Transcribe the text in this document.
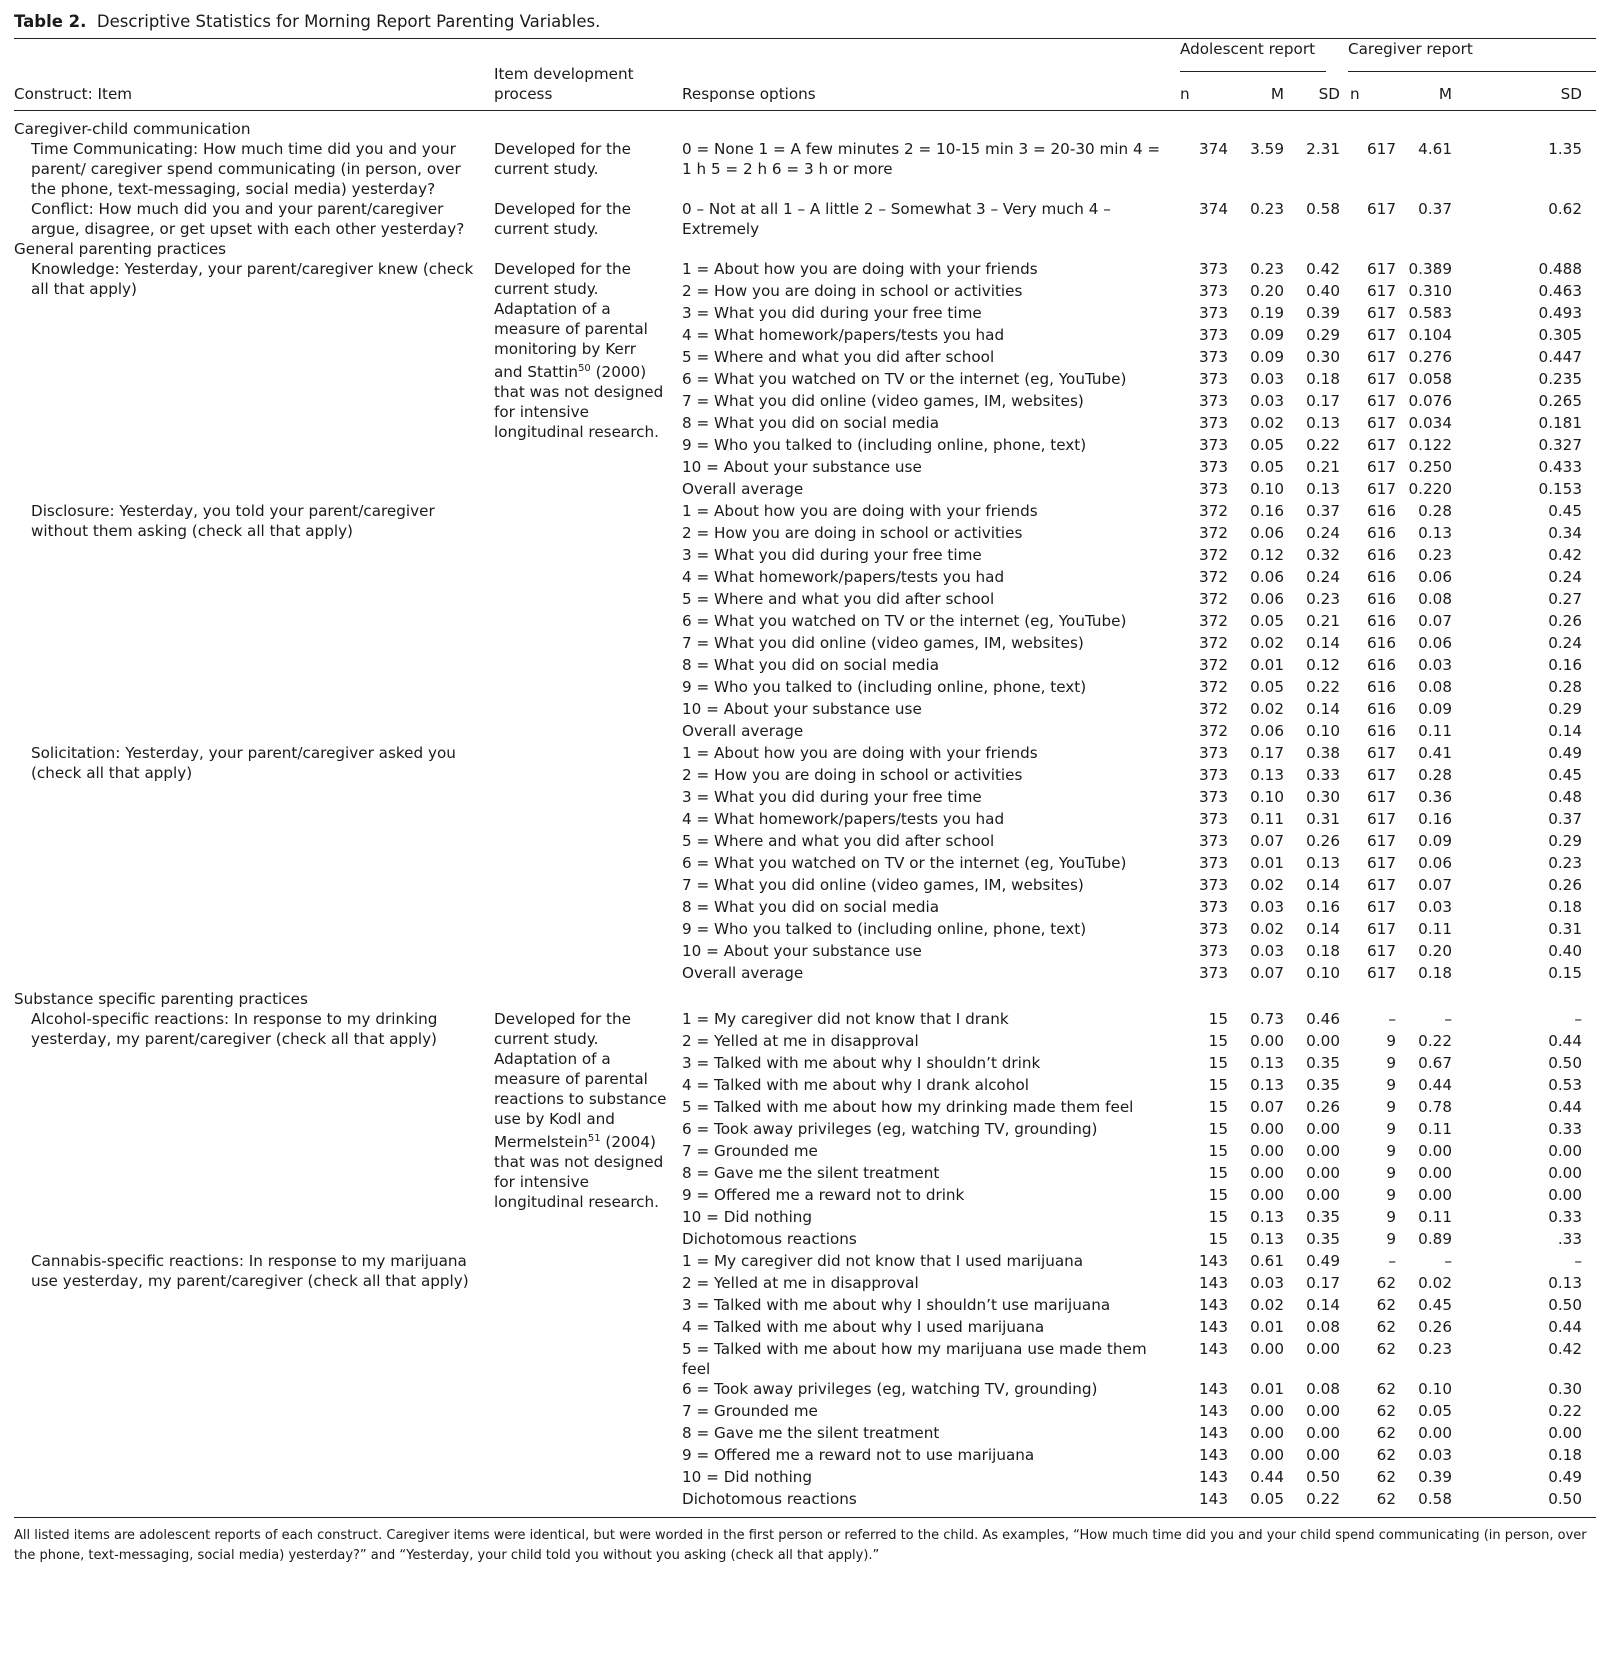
Table 2. Descriptive Statistics for Morning Report Parenting Variables.
Construct: Item	Item development process	Response options	Adolescent report			Caregiver report			

			n	M	SD	n	M		SD
Caregiver-child communication									
Time Communicating: How much time did you and your parent/ caregiver spend communicating (in person, over the phone, text-messaging, social media) yesterday?	Developed for the current study.	0 = None 1 = A few minutes 2 = 10-15 min 3 = 20-30 min 4 = 1 h 5 = 2 h 6 = 3 h or more	374	3.59	2.31	617	4.61	1.35	
Conflict: How much did you and your parent/caregiver argue, disagree, or get upset with each other yesterday?	Developed for the current study.	0 – Not at all 1 – A little 2 – Somewhat 3 – Very much 4 – Extremely	374	0.23	0.58	617	0.37	0.62	
General parenting practices									
Knowledge: Yesterday, your parent/caregiver knew (check all that apply)	Developed for the current study. Adaptation of a measure of parental monitoring by Kerr and Stattin$^{50}$ (2000) that was not designed for intensive longitudinal research.	1 = About how you are doing with your friends	373	0.23	0.42	617	0.389	0.488	
		2 = How you are doing in school or activities	373	0.20	0.40	617	0.310	0.463	
		3 = What you did during your free time	373	0.19	0.39	617	0.583	0.493	
		4 = What homework/papers/tests you had	373	0.09	0.29	617	0.104	0.305	
		5 = Where and what you did after school	373	0.09	0.30	617	0.276	0.447	
		6 = What you watched on TV or the internet (eg, YouTube)	373	0.03	0.18	617	0.058	0.235	
		7 = What you did online (video games, IM, websites)	373	0.03	0.17	617	0.076	0.265	
		8 = What you did on social media	373	0.02	0.13	617	0.034	0.181	
		9 = Who you talked to (including online, phone, text)	373	0.05	0.22	617	0.122	0.327	
		10 = About your substance use	373	0.05	0.21	617	0.250	0.433	
		Overall average	373	0.10	0.13	617	0.220	0.153	
Disclosure: Yesterday, you told your parent/caregiver without them asking (check all that apply)		1 = About how you are doing with your friends	372	0.16	0.37	616	0.28	0.45	
		2 = How you are doing in school or activities	372	0.06	0.24	616	0.13	0.34	
		3 = What you did during your free time	372	0.12	0.32	616	0.23	0.42	
		4 = What homework/papers/tests you had	372	0.06	0.24	616	0.06	0.24	
		5 = Where and what you did after school	372	0.06	0.23	616	0.08	0.27	
		6 = What you watched on TV or the internet (eg, YouTube)	372	0.05	0.21	616	0.07	0.26	
		7 = What you did online (video games, IM, websites)	372	0.02	0.14	616	0.06	0.24	
		8 = What you did on social media	372	0.01	0.12	616	0.03	0.16	
		9 = Who you talked to (including online, phone, text)	372	0.05	0.22	616	0.08	0.28	
		10 = About your substance use	372	0.02	0.14	616	0.09	0.29	
		Overall average	372	0.06	0.10	616	0.11	0.14	
Solicitation: Yesterday, your parent/caregiver asked you (check all that apply)		1 = About how you are doing with your friends	373	0.17	0.38	617	0.41	0.49	
		2 = How you are doing in school or activities	373	0.13	0.33	617	0.28	0.45	
		3 = What you did during your free time	373	0.10	0.30	617	0.36	0.48	
		4 = What homework/papers/tests you had	373	0.11	0.31	617	0.16	0.37	
		5 = Where and what you did after school	373	0.07	0.26	617	0.09	0.29	
		6 = What you watched on TV or the internet (eg, YouTube)	373	0.01	0.13	617	0.06	0.23	
		7 = What you did online (video games, IM, websites)	373	0.02	0.14	617	0.07	0.26	
		8 = What you did on social media	373	0.03	0.16	617	0.03	0.18	
		9 = Who you talked to (including online, phone, text)	373	0.02	0.14	617	0.11	0.31	
		10 = About your substance use	373	0.03	0.18	617	0.20	0.40	
		Overall average	373	0.07	0.10	617	0.18	0.15	
Substance specific parenting practices									
Alcohol-specific reactions: In response to my drinking yesterday, my parent/caregiver (check all that apply)	Developed for the current study. Adaptation of a measure of parental reactions to substance use by Kodl and Mermelstein$^{51}$ (2004) that was not designed for intensive longitudinal research.	1 = My caregiver did not know that I drank	15	0.73	0.46	–	–	–	
		2 = Yelled at me in disapproval	15	0.00	0.00	9	0.22	0.44	
		3 = Talked with me about why I shouldn’t drink	15	0.13	0.35	9	0.67	0.50	
		4 = Talked with me about why I drank alcohol	15	0.13	0.35	9	0.44	0.53	
		5 = Talked with me about how my drinking made them feel	15	0.07	0.26	9	0.78	0.44	
		6 = Took away privileges (eg, watching TV, grounding)	15	0.00	0.00	9	0.11	0.33	
		7 = Grounded me	15	0.00	0.00	9	0.00	0.00	
		8 = Gave me the silent treatment	15	0.00	0.00	9	0.00	0.00	
		9 = Offered me a reward not to drink	15	0.00	0.00	9	0.00	0.00	
		10 = Did nothing	15	0.13	0.35	9	0.11	0.33	
		Dichotomous reactions	15	0.13	0.35	9	0.89	.33	
Cannabis-specific reactions: In response to my marijuana use yesterday, my parent/caregiver (check all that apply)		1 = My caregiver did not know that I used marijuana	143	0.61	0.49	–	–	–	
		2 = Yelled at me in disapproval	143	0.03	0.17	62	0.02	0.13	
		3 = Talked with me about why I shouldn’t use marijuana	143	0.02	0.14	62	0.45	0.50	
		4 = Talked with me about why I used marijuana	143	0.01	0.08	62	0.26	0.44	
		5 = Talked with me about how my marijuana use made them feel	143	0.00	0.00	62	0.23	0.42	
		6 = Took away privileges (eg, watching TV, grounding)	143	0.01	0.08	62	0.10	0.30	
		7 = Grounded me	143	0.00	0.00	62	0.05	0.22	
		8 = Gave me the silent treatment	143	0.00	0.00	62	0.00	0.00	
		9 = Offered me a reward not to use marijuana	143	0.00	0.00	62	0.03	0.18	
		10 = Did nothing	143	0.44	0.50	62	0.39	0.49	
		Dichotomous reactions	143	0.05	0.22	62	0.58	0.50	
All listed items are adolescent reports of each construct. Caregiver items were identical, but were worded in the first person or referred to the child. As examples, “How much time did you and your child spend communicating (in person, over the phone, text-messaging, social media) yesterday?” and “Yesterday, your child told you without you asking (check all that apply).”
